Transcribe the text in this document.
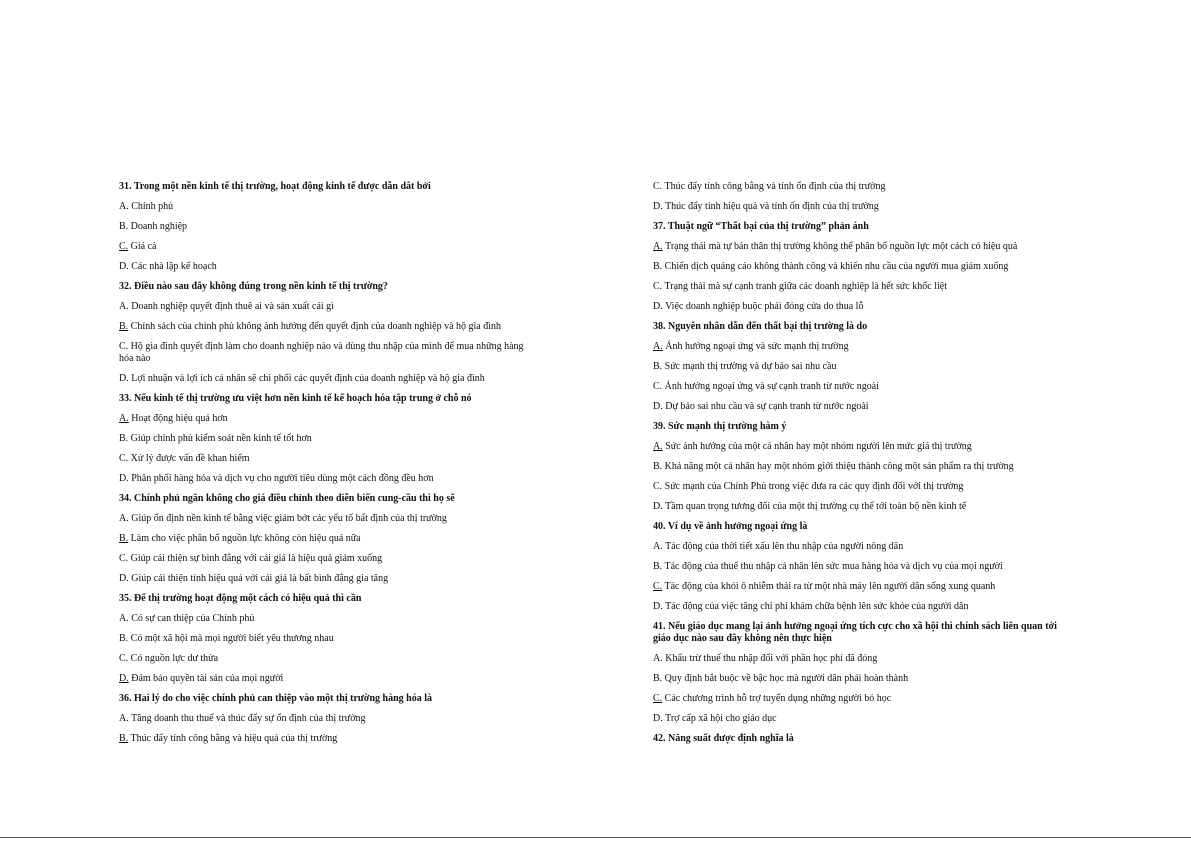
31. Trong một nền kinh tế thị trường, hoạt động kinh tế được dẫn dắt bởi

A. Chính phủ

B. Doanh nghiệp

C. Giá cả

D. Các nhà lập kế hoạch

32. Điều nào sau đây không đúng trong nền kinh tế thị trường?

A. Doanh nghiệp quyết định thuê ai và sản xuất cái gì

B. Chính sách của chính phủ không ảnh hưởng đến quyết định của doanh nghiệp và hộ gia đình

C. Hộ gia đình quyết định làm cho doanh nghiệp nào và dùng thu nhập của mình để mua những hàng hóa nào

D. Lợi nhuận và lợi ích cá nhân sẽ chi phối các quyết định của doanh nghiệp và hộ gia đình

33. Nếu kinh tế thị trường ưu việt hơn nền kinh tế kế hoạch hóa tập trung ở chỗ nó

A. Hoạt động hiệu quả hơn

B. Giúp chính phủ kiểm soát nền kinh tế tốt hơn

C. Xử lý được vấn đề khan hiếm

D. Phân phối hàng hóa và dịch vụ cho người tiêu dùng một cách đồng đều hơn

34. Chính phủ ngăn không cho giá điều chỉnh theo diễn biến cung-cầu thì họ sẽ

A. Giúp ổn định nền kinh tế bằng việc giảm bớt các yếu tố bất định của thị trường

B. Làm cho việc phân bổ nguồn lực không còn hiệu quả nữa

C. Giúp cải thiện sự bình đẳng với cái giá là hiệu quả giảm xuống

D. Giúp cải thiện tính hiệu quả với cái giá là bất bình đẳng gia tăng

35. Để thị trường hoạt động một cách có hiệu quả thì cần

A. Có sự can thiệp của Chính phủ

B. Có một xã hội mà mọi người biết yêu thương nhau

C. Có nguồn lực dư thừa

D. Đảm bảo quyền tài sản của mọi người

36. Hai lý do cho việc chính phủ can thiệp vào một thị trường hàng hóa là

A. Tăng doanh thu thuế và thúc đẩy sự ổn định của thị trường

B. Thúc đẩy tính công bằng và hiệu quả của thị trường

C. Thúc đẩy tính công bằng và tính ổn định của thị trường

D. Thúc đẩy tính hiệu quả và tính ổn định của thị trường

37. Thuật ngữ “Thất bại của thị trường” phản ánh

A. Trạng thái mà tự bản thân thị trường không thể phân bổ nguồn lực một cách có hiệu quả

B. Chiến dịch quảng cáo không thành công và khiến nhu cầu của người mua giảm xuống

C. Trạng thái mà sự cạnh tranh giữa các doanh nghiệp là hết sức khốc liệt

D. Việc doanh nghiệp buộc phải đóng cửa do thua lỗ

38. Nguyên nhân dẫn đến thất bại thị trường là do

A. Ảnh hưởng ngoại ứng và sức mạnh thị trường

B. Sức mạnh thị trường và dự báo sai nhu cầu

C. Ảnh hưởng ngoại ứng và sự cạnh tranh từ nước ngoài

D. Dự báo sai nhu cầu và sự cạnh tranh từ nước ngoài

39. Sức mạnh thị trường hàm ý

A. Sức ảnh hưởng của một cá nhân hay một nhóm người lên mức giá thị trường

B. Khả năng một cá nhân hay một nhóm giới thiệu thành công một sản phẩm ra thị trường

C. Sức mạnh của Chính Phủ trong việc đưa ra các quy định đối với thị trường

D. Tầm quan trọng tương đối của một thị trường cụ thể tới toàn bộ nền kinh tế

40. Ví dụ về ảnh hưởng ngoại ứng là

A. Tác động của thời tiết xấu lên thu nhập của người nông dân

B. Tác động của thuế thu nhập cá nhân lên sức mua hàng hóa và dịch vụ của mọi người

C. Tác động của khói ô nhiễm thải ra từ một nhà máy lên người dân sống xung quanh

D. Tác động của việc tăng chi phí khám chữa bệnh lên sức khỏe của người dân

41. Nếu giáo dục mang lại ảnh hưởng ngoại ứng tích cực cho xã hội thì chính sách liên quan tới giáo dục nào sau đây không nên thực hiện

A. Khấu trừ thuế thu nhập đối với phần học phí đã đóng

B. Quy định bắt buộc về bậc học mà người dân phải hoàn thành

C. Các chương trình hỗ trợ tuyển dụng những người bỏ học

D. Trợ cấp xã hội cho giáo dục

42. Năng suất được định nghĩa là
